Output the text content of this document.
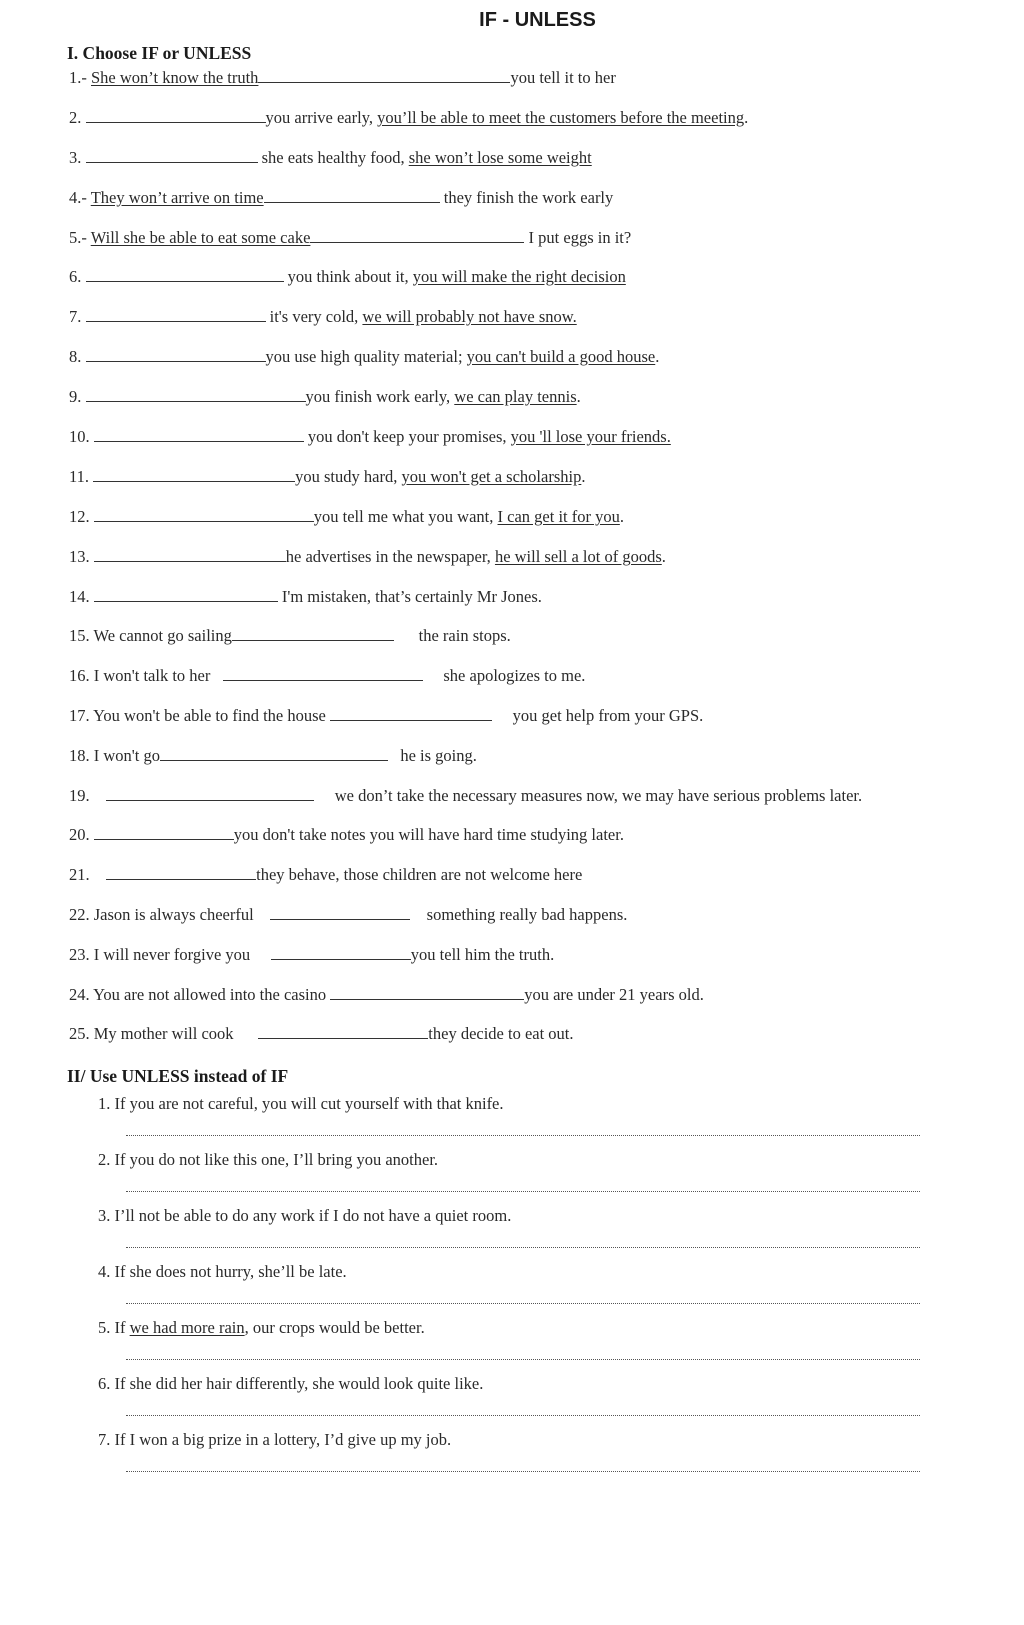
IF - UNLESS
I. Choose IF or UNLESS
1.- She won’t know the truth	you tell it to her
2.	you arrive early, you’ll be able to meet the customers before the meeting.
3.	she eats healthy food, she won’t lose some weight
4.- They won’t arrive on time	they finish the work early
5.- Will she be able to eat some cake	I put eggs in it?
6.	you think about it, you will make the right decision
7.	it's very cold, we will probably not have snow.
8.	you use high quality material; you can't build a good house.
9.	you finish work early, we can play tennis.
10.	you don't keep your promises, you 'll lose your friends.
11.	you study hard, you won't get a scholarship.
12.	you tell me what you want, I can get it for you.
13.	he advertises in the newspaper, he will sell a lot of goods.
14.	I'm mistaken, that’s certainly Mr Jones.
15. We cannot go sailing	the rain stops.
16. I won't talk to her	she apologizes to me.
17. You won't be able to find the house	you get help from your GPS.
18. I won't go	he is going.
19.	we don’t take the necessary measures now, we may have serious problems later.
20.	you don't take notes you will have hard time studying later.
21.	they behave, those children are not welcome here
22. Jason is always cheerful	something really bad happens.
23. I will never forgive you	you tell him the truth.
24. You are not allowed into the casino	you are under 21 years old.
25. My mother will cook	they decide to eat out.
II/ Use UNLESS instead of IF
1. If you are not careful, you will cut yourself with that knife.
2. If you do not like this one, I’ll bring you another.
3. I’ll not be able to do any work if I do not have a quiet room.
4. If she does not hurry, she’ll be late.
5. If we had more rain, our crops would be better.
6. If she did her hair differently, she would look quite like.
7. If I won a big prize in a lottery, I’d give up my job.
